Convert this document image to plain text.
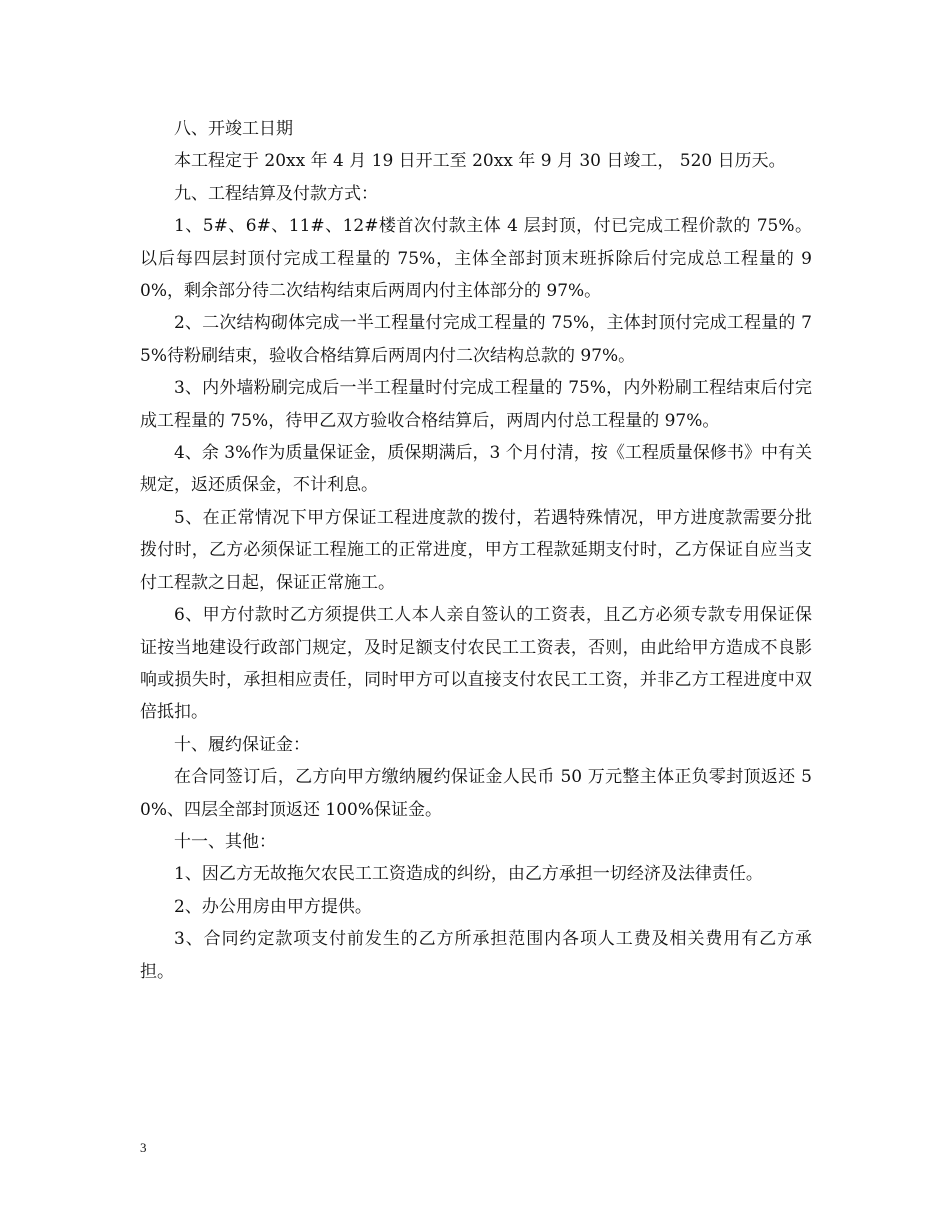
八、开竣工日期

本工程定于 20xx 年 4 月 19 日开工至 20xx 年 9 月 30 日竣工， 520 日历天。

九、工程结算及付款方式：

1、5#、6#、11#、12#楼首次付款主体 4 层封顶，付已完成工程价款的 75%。以后每四层封顶付完成工程量的 75%，主体全部封顶末班拆除后付完成总工程量的 90%，剩余部分待二次结构结束后两周内付主体部分的 97%。

2、二次结构砌体完成一半工程量付完成工程量的 75%，主体封顶付完成工程量的 75%待粉刷结束，验收合格结算后两周内付二次结构总款的 97%。

3、内外墙粉刷完成后一半工程量时付完成工程量的 75%，内外粉刷工程结束后付完成工程量的 75%，待甲乙双方验收合格结算后，两周内付总工程量的 97%。

4、余 3%作为质量保证金，质保期满后，3 个月付清，按《工程质量保修书》中有关规定，返还质保金，不计利息。

5、在正常情况下甲方保证工程进度款的拨付，若遇特殊情况，甲方进度款需要分批拨付时，乙方必须保证工程施工的正常进度，甲方工程款延期支付时，乙方保证自应当支付工程款之日起，保证正常施工。

6、甲方付款时乙方须提供工人本人亲自签认的工资表，且乙方必须专款专用保证保证按当地建设行政部门规定，及时足额支付农民工工资表，否则，由此给甲方造成不良影响或损失时，承担相应责任，同时甲方可以直接支付农民工工资，并非乙方工程进度中双倍抵扣。

十、履约保证金：

在合同签订后，乙方向甲方缴纳履约保证金人民币 50 万元整主体正负零封顶返还 50%、四层全部封顶返还 100%保证金。

十一、其他：

1、因乙方无故拖欠农民工工资造成的纠纷，由乙方承担一切经济及法律责任。

2、办公用房由甲方提供。

3、合同约定款项支付前发生的乙方所承担范围内各项人工费及相关费用有乙方承担。

3
